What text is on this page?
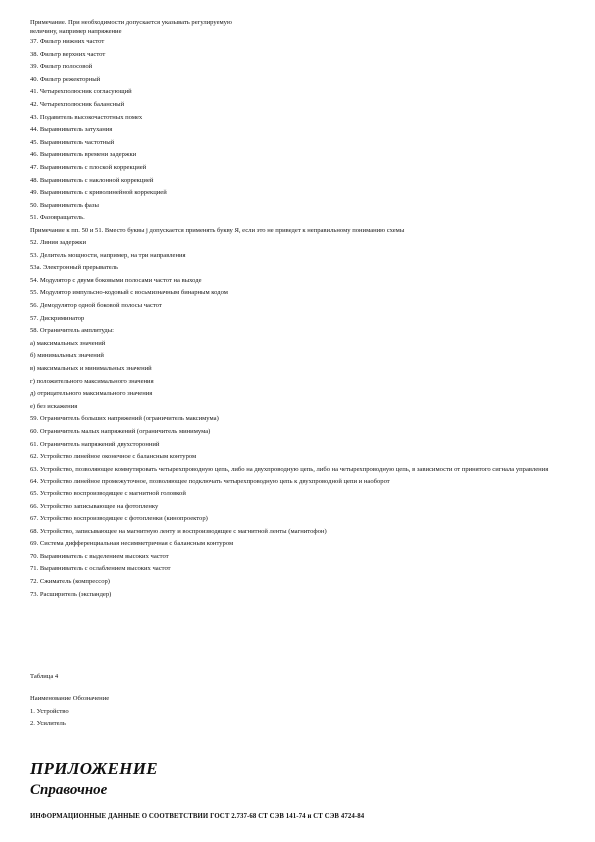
Примечание. При необходимости допускается указывать регулируемую
величину, например напряжение
37. Фильтр нижних частот
38. Фильтр верхних частот
39. Фильтр полосовой
40. Фильтр режекторный
41. Четырехполюсник согласующий
42. Четырехполюсник балансный
43. Подавитель высокочастотных помех
44. Выравниватель затухания
45. Выравниватель частотный
46. Выравниватель времени задержки
47. Выравниватель с плоской коррекцией
48. Выравниватель с наклонной коррекцией
49. Выравниватель с криволинейной коррекцией
50. Выравниватель фазы
51. Фазовращатель.
Примечание к пп. 50 и 51. Вместо буквы j допускается применять букву Я, если это не приведет к неправильному пониманию схемы
52. Линия задержки
53. Делитель мощности, например, на три направления
53а. Электронный прерыватель
54. Модулятор с двумя боковыми полосами частот на выходе
55. Модулятор импульсно-кодовый с восьмизначным бинарным кодом
56. Демодулятор одной боковой полосы частот
57. Дискриминатор
58. Ограничитель амплитуды:
а) максимальных значений
б) минимальных значений
в) максимальных и минимальных значений
г) положительного максимального значения
д) отрицательного максимального значения
е) без искажения
59. Ограничитель больших напряжений (ограничитель максимума)
60. Ограничитель малых напряжений (ограничитель минимума)
61. Ограничитель напряжений двухсторонний
62. Устройство линейное оконечное с балансным контуром
63. Устройство, позволяющее коммутировать четырехпроводную цепь, либо на двухпроводную цепь, либо на четырехпроводную цепь, в зависимости от принятого сигнала управления
64. Устройство линейное промежуточное, позволяющее подключать четырехпроводную цепь к двухпроводной цепи и наоборот
65. Устройство воспроизводящее с магнитной головкой
66. Устройство записывающее на фотопленку
67. Устройство воспроизводящее с фотопленки (кинопроектор)
68. Устройство, записывающее на магнитную ленту и воспроизводящее с магнитной ленты (магнитофон)
69. Система дифференциальная несимметричная с балансным контуром
70. Выравниватель с выделением высоких частот
71. Выравниватель с ослаблением высоких частот
72. Сжиматель (компрессор)
73. Расширитель (экспандер)
Таблица 4
Наименование Обозначение
1. Устройство
2. Усилитель
ПРИЛОЖЕНИЕ
Справочное
ИНФОРМАЦИОННЫЕ ДАННЫЕ О СООТВЕТСТВИИ ГОСТ 2.737-68 СТ СЭВ 141-74 и СТ СЭВ 4724-84
